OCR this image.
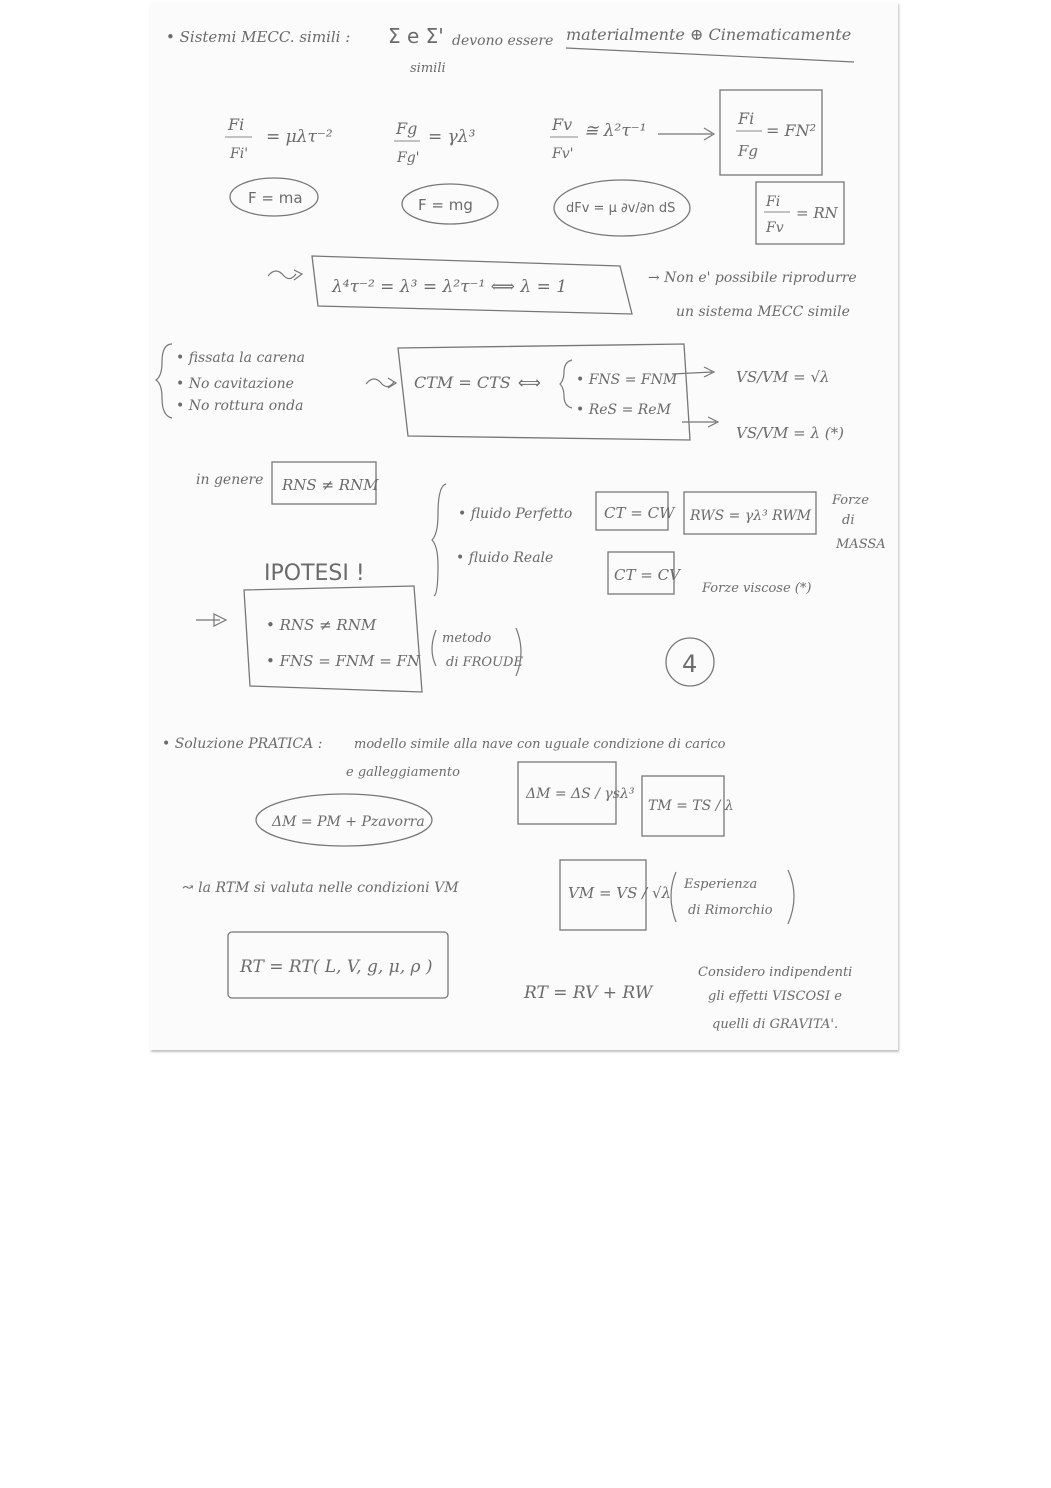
• Sistemi MECC. simili : Σ e Σ' devono essere materialmente ⊕ Cinematicamente
simili
Fi
Fi'
= μλτ⁻²
F = ma
Fg
Fg'
= γλ³
F = mg
Fv
Fv'
≅ λ²τ⁻¹
dFv = μ ∂v/∂n dS
Fi
Fg
= FN²
Fi
Fv
= RN
λ⁴τ⁻² = λ³ = λ²τ⁻¹ ⟺ λ = 1	→ Non e' possibile riprodurre
un sistema MECC simile
• fissata la carena
• No cavitazione
• No rottura onda
CTM = CTS ⟺	• FNS = FNM
• ReS = ReM
VS/VM = √λ
VS/VM = λ (*)
in genere RNS ≠ RNM
• fluido Perfetto CT = CW RWS = γλ³ RWM
Forze
di
MASSA
• fluido Reale
CT = CV
Forze viscose (*)
IPOTESI !
• RNS ≠ RNM
• FNS = FNM = FN
metodo
di FROUDE	4
• Soluzione PRATICA : modello simile alla nave con uguale condizione di carico
e galleggiamento
ΔM = ΔS / γsλ³
TM = TS / λ
ΔM = PM + Pzavorra
↝ la RTM si valuta nelle condizioni VM	VM = VS / √λ Esperienza
di Rimorchio
RT = RT( L, V, g, μ, ρ )
RT = RV + RW
Considero indipendenti
gli effetti VISCOSI e
quelli di GRAVITA'.
